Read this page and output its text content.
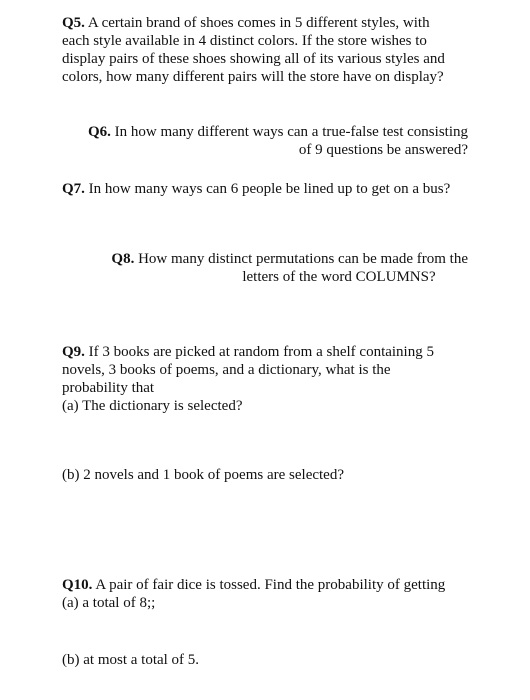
Q5. A certain brand of shoes comes in 5 different styles, with
each style available in 4 distinct colors. If the store wishes to
display pairs of these shoes showing all of its various styles and
colors, how many different pairs will the store have on display?
Q6. In how many different ways can a true-false test consisting
of 9 questions be answered?
Q7. In how many ways can 6 people be lined up to get on a bus?
Q8. How many distinct permutations can be made from the
letters of the word COLUMNS?
Q9. If 3 books are picked at random from a shelf containing 5
novels, 3 books of poems, and a dictionary, what is the
probability that
(a) The dictionary is selected?
(b) 2 novels and 1 book of poems are selected?
Q10. A pair of fair dice is tossed. Find the probability of getting
(a) a total of 8;;
(b) at most a total of 5.
